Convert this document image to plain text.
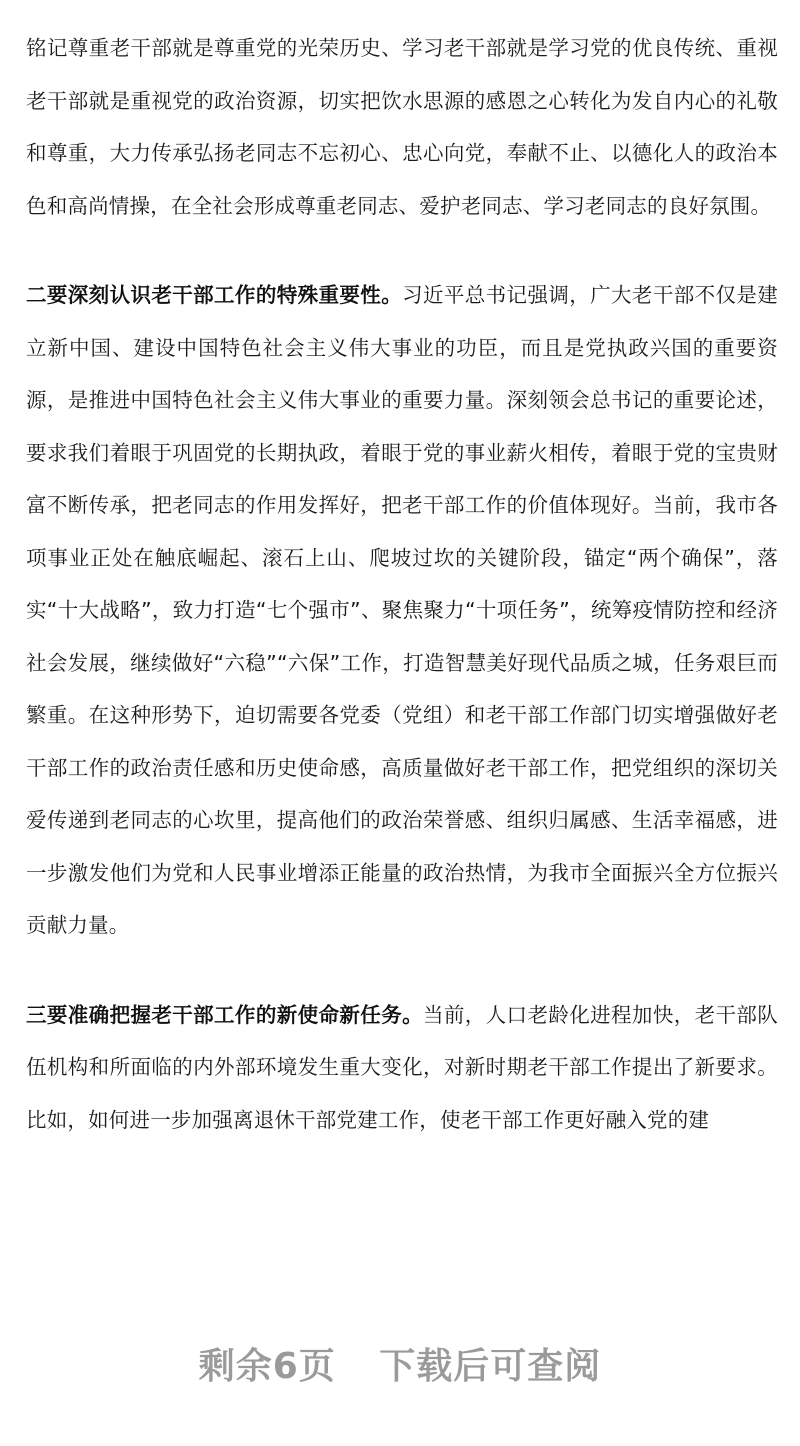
铭记尊重老干部就是尊重党的光荣历史、学习老干部就是学习党的优良传统、重视老干部就是重视党的政治资源，切实把饮水思源的感恩之心转化为发自内心的礼敬和尊重，大力传承弘扬老同志不忘初心、忠心向党，奉献不止、以德化人的政治本色和高尚情操，在全社会形成尊重老同志、爱护老同志、学习老同志的良好氛围。

二要深刻认识老干部工作的特殊重要性。习近平总书记强调，广大老干部不仅是建立新中国、建设中国特色社会主义伟大事业的功臣，而且是党执政兴国的重要资源，是推进中国特色社会主义伟大事业的重要力量。深刻领会总书记的重要论述，要求我们着眼于巩固党的长期执政，着眼于党的事业薪火相传，着眼于党的宝贵财富不断传承，把老同志的作用发挥好，把老干部工作的价值体现好。当前，我市各项事业正处在触底崛起、滚石上山、爬坡过坎的关键阶段，锚定“两个确保”，落实“十大战略”，致力打造“七个强市”、聚焦聚力“十项任务”，统筹疫情防控和经济社会发展，继续做好“六稳”“六保”工作，打造智慧美好现代品质之城，任务艰巨而繁重。在这种形势下，迫切需要各党委（党组）和老干部工作部门切实增强做好老干部工作的政治责任感和历史使命感，高质量做好老干部工作，把党组织的深切关爱传递到老同志的心坎里，提高他们的政治荣誉感、组织归属感、生活幸福感，进一步激发他们为党和人民事业增添正能量的政治热情，为我市全面振兴全方位振兴贡献力量。

三要准确把握老干部工作的新使命新任务。当前，人口老龄化进程加快，老干部队伍机构和所面临的内外部环境发生重大变化，对新时期老干部工作提出了新要求。比如，如何进一步加强离退休干部党建工作，使老干部工作更好融入党的建

剩余6页 下载后可查阅
